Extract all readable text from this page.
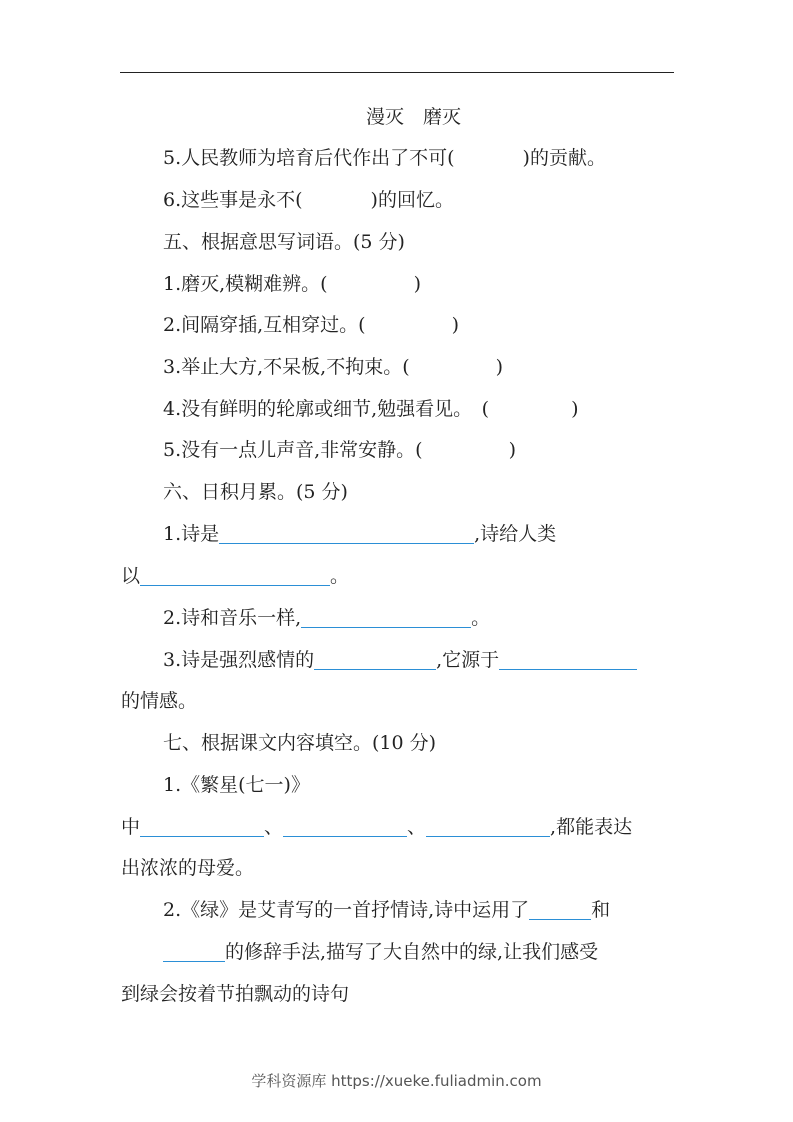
漫灭　磨灭
5.人民教师为培育后代作出了不可(	)的贡献。
6.这些事是永不(	)的回忆。
五、根据意思写词语。(5 分)
1.磨灭,模糊难辨。(	)
2.间隔穿插,互相穿过。(	)
3.举止大方,不呆板,不拘束。(	)
4.没有鲜明的轮廓或细节,勉强看见。　(	)
5.没有一点儿声音,非常安静。(	)
六、日积月累。(5 分)
1.诗是	,诗给人类
以	。
2.诗和音乐一样,	。
3.诗是强烈感情的	,它源于
的情感。
七、根据课文内容填空。(10 分)
1.《繁星(七一)》
中	、	、	,都能表达
出浓浓的母爱。
2.《绿》是艾青写的一首抒情诗,诗中运用了	和
的修辞手法,描写了大自然中的绿,让我们感受
到绿会按着节拍飘动的诗句
学科资源库 https://xueke.fuliadmin.com
